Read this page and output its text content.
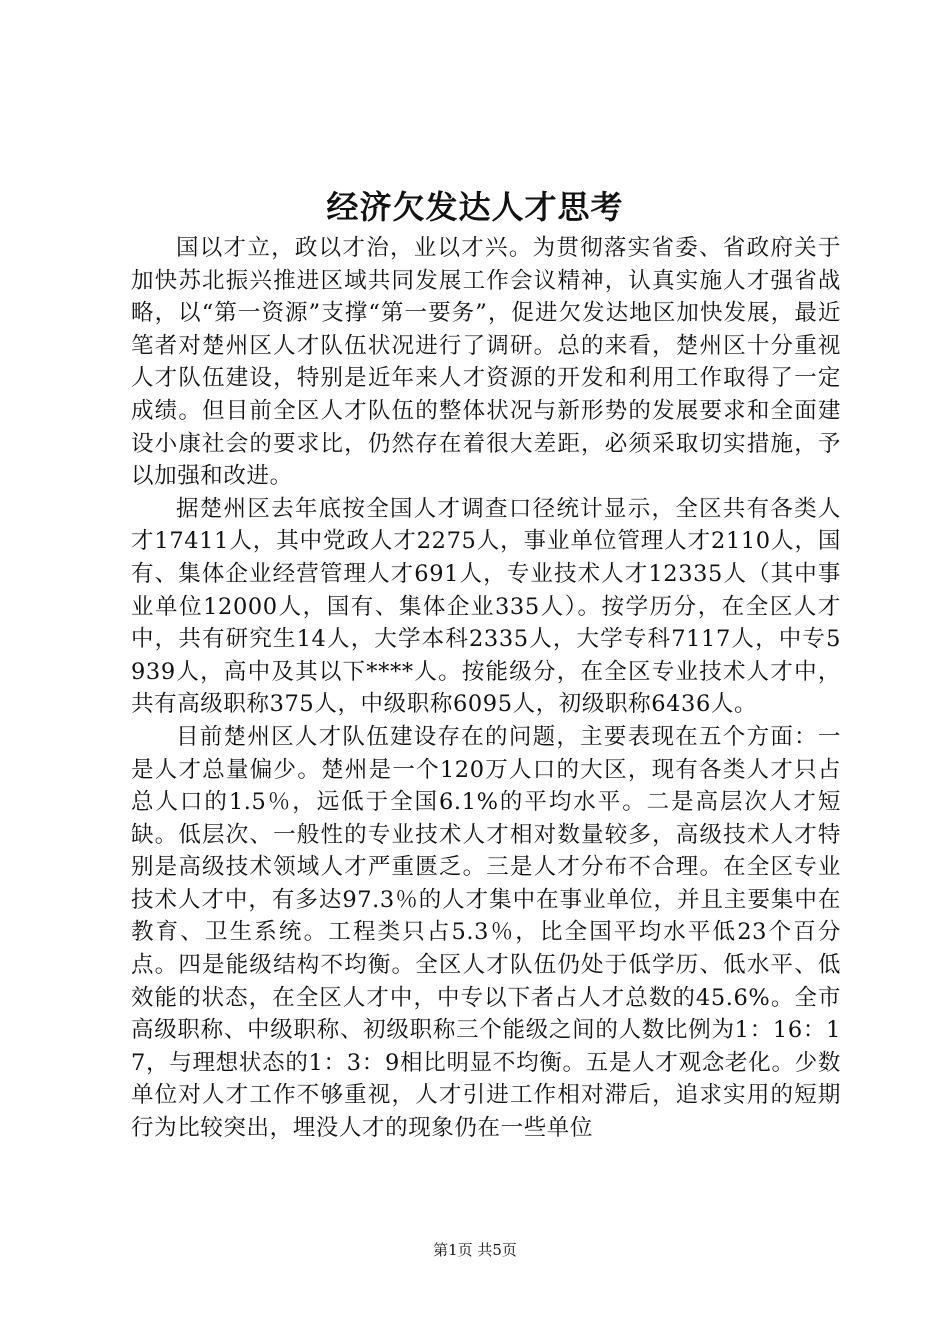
经济欠发达人才思考

国以才立，政以才治，业以才兴。为贯彻落实省委、省政府关于加快苏北振兴推进区域共同发展工作会议精神，认真实施人才强省战略，以“第一资源”支撑“第一要务”，促进欠发达地区加快发展，最近笔者对楚州区人才队伍状况进行了调研。总的来看，楚州区十分重视人才队伍建设，特别是近年来人才资源的开发和利用工作取得了一定成绩。但目前全区人才队伍的整体状况与新形势的发展要求和全面建设小康社会的要求比，仍然存在着很大差距，必须采取切实措施，予以加强和改进。

据楚州区去年底按全国人才调查口径统计显示，全区共有各类人才17411人，其中党政人才2275人，事业单位管理人才2110人，国有、集体企业经营管理人才691人，专业技术人才12335人（其中事业单位12000人，国有、集体企业335人）。按学历分，在全区人才中，共有研究生14人，大学本科2335人，大学专科7117人，中专5939人，高中及其以下****人。按能级分，在全区专业技术人才中，共有高级职称375人，中级职称6095人，初级职称6436人。

目前楚州区人才队伍建设存在的问题，主要表现在五个方面：一是人才总量偏少。楚州是一个120万人口的大区，现有各类人才只占总人口的1.5％，远低于全国6.1%的平均水平。二是高层次人才短缺。低层次、一般性的专业技术人才相对数量较多，高级技术人才特别是高级技术领域人才严重匮乏。三是人才分布不合理。在全区专业技术人才中，有多达97.3％的人才集中在事业单位，并且主要集中在教育、卫生系统。工程类只占5.3％，比全国平均水平低23个百分点。四是能级结构不均衡。全区人才队伍仍处于低学历、低水平、低效能的状态，在全区人才中，中专以下者占人才总数的45.6%。全市高级职称、中级职称、初级职称三个能级之间的人数比例为1：16：17，与理想状态的1：3：9相比明显不均衡。五是人才观念老化。少数单位对人才工作不够重视，人才引进工作相对滞后，追求实用的短期行为比较突出，埋没人才的现象仍在一些单位

第1页 共5页
